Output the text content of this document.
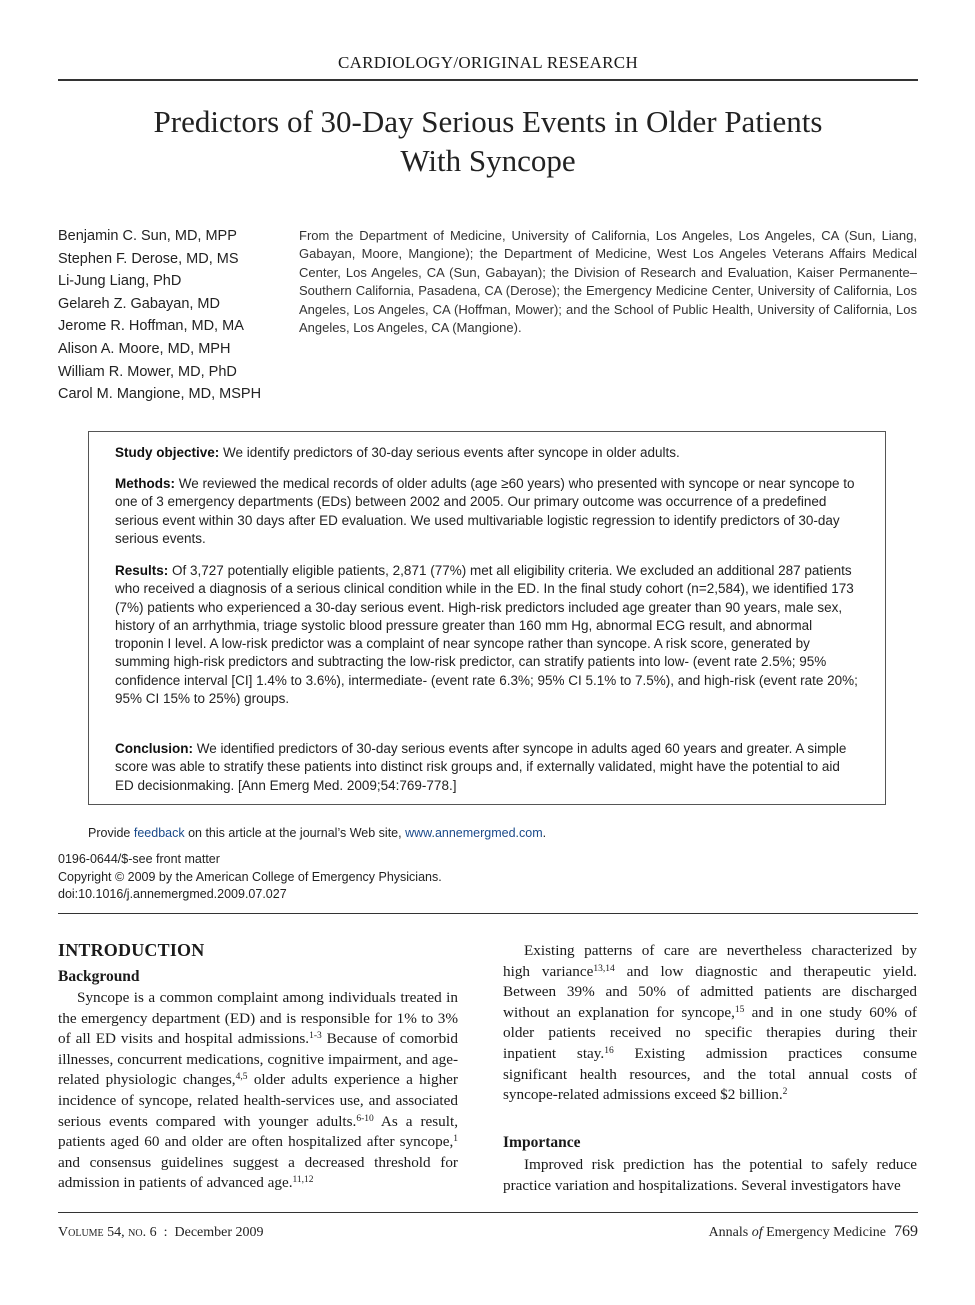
CARDIOLOGY/ORIGINAL RESEARCH
Predictors of 30-Day Serious Events in Older Patients
With Syncope
Benjamin C. Sun, MD, MPP
Stephen F. Derose, MD, MS
Li-Jung Liang, PhD
Gelareh Z. Gabayan, MD
Jerome R. Hoffman, MD, MA
Alison A. Moore, MD, MPH
William R. Mower, MD, PhD
Carol M. Mangione, MD, MSPH
From the Department of Medicine, University of California, Los Angeles, Los Angeles, CA (Sun, Liang, Gabayan, Moore, Mangione); the Department of Medicine, West Los Angeles Veterans Affairs Medical Center, Los Angeles, CA (Sun, Gabayan); the Division of Research and Evaluation, Kaiser Permanente–Southern California, Pasadena, CA (Derose); the Emergency Medicine Center, University of California, Los Angeles, Los Angeles, CA (Hoffman, Mower); and the School of Public Health, University of California, Los Angeles, Los Angeles, CA (Mangione).
Study objective: We identify predictors of 30-day serious events after syncope in older adults.
Methods: We reviewed the medical records of older adults (age ≥60 years) who presented with syncope or near syncope to one of 3 emergency departments (EDs) between 2002 and 2005. Our primary outcome was occurrence of a predefined serious event within 30 days after ED evaluation. We used multivariable logistic regression to identify predictors of 30-day serious events.
Results: Of 3,727 potentially eligible patients, 2,871 (77%) met all eligibility criteria. We excluded an additional 287 patients who received a diagnosis of a serious clinical condition while in the ED. In the final study cohort (n=2,584), we identified 173 (7%) patients who experienced a 30-day serious event. High-risk predictors included age greater than 90 years, male sex, history of an arrhythmia, triage systolic blood pressure greater than 160 mm Hg, abnormal ECG result, and abnormal troponin I level. A low-risk predictor was a complaint of near syncope rather than syncope. A risk score, generated by summing high-risk predictors and subtracting the low-risk predictor, can stratify patients into low- (event rate 2.5%; 95% confidence interval [CI] 1.4% to 3.6%), intermediate- (event rate 6.3%; 95% CI 5.1% to 7.5%), and high-risk (event rate 20%; 95% CI 15% to 25%) groups.
Conclusion: We identified predictors of 30-day serious events after syncope in adults aged 60 years and greater. A simple score was able to stratify these patients into distinct risk groups and, if externally validated, might have the potential to aid ED decisionmaking. [Ann Emerg Med. 2009;54:769-778.]
Provide feedback on this article at the journal’s Web site, www.annemergmed.com.
0196-0644/$-see front matter
Copyright © 2009 by the American College of Emergency Physicians.
doi:10.1016/j.annemergmed.2009.07.027
INTRODUCTION
Background
Syncope is a common complaint among individuals treated in
the emergency department (ED) and is responsible for 1% to 3%
of all ED visits and hospital admissions.$^{1-3}$ Because of comorbid
illnesses, concurrent medications, cognitive impairment, and age-
related physiologic changes,$^{4,5}$ older adults experience a higher
incidence of syncope, related health-services use, and associated
serious events compared with younger adults.$^{6-10}$ As a result,
patients aged 60 and older are often hospitalized after syncope,$^1$
and consensus guidelines suggest a decreased threshold for
admission in patients of advanced age.$^{11,12}$
Existing patterns of care are nevertheless characterized by
high variance$^{13,14}$ and low diagnostic and therapeutic yield.
Between 39% and 50% of admitted patients are discharged
without an explanation for syncope,$^{15}$ and in one study 60% of
older patients received no specific therapies during their
inpatient stay.$^{16}$ Existing admission practices consume
significant health resources, and the total annual costs of
syncope-related admissions exceed $2 billion.$^2$
Importance
Improved risk prediction has the potential to safely reduce
practice variation and hospitalizations. Several investigators have
Volume 54, no. 6 : December 2009	Annals of Emergency Medicine 769
